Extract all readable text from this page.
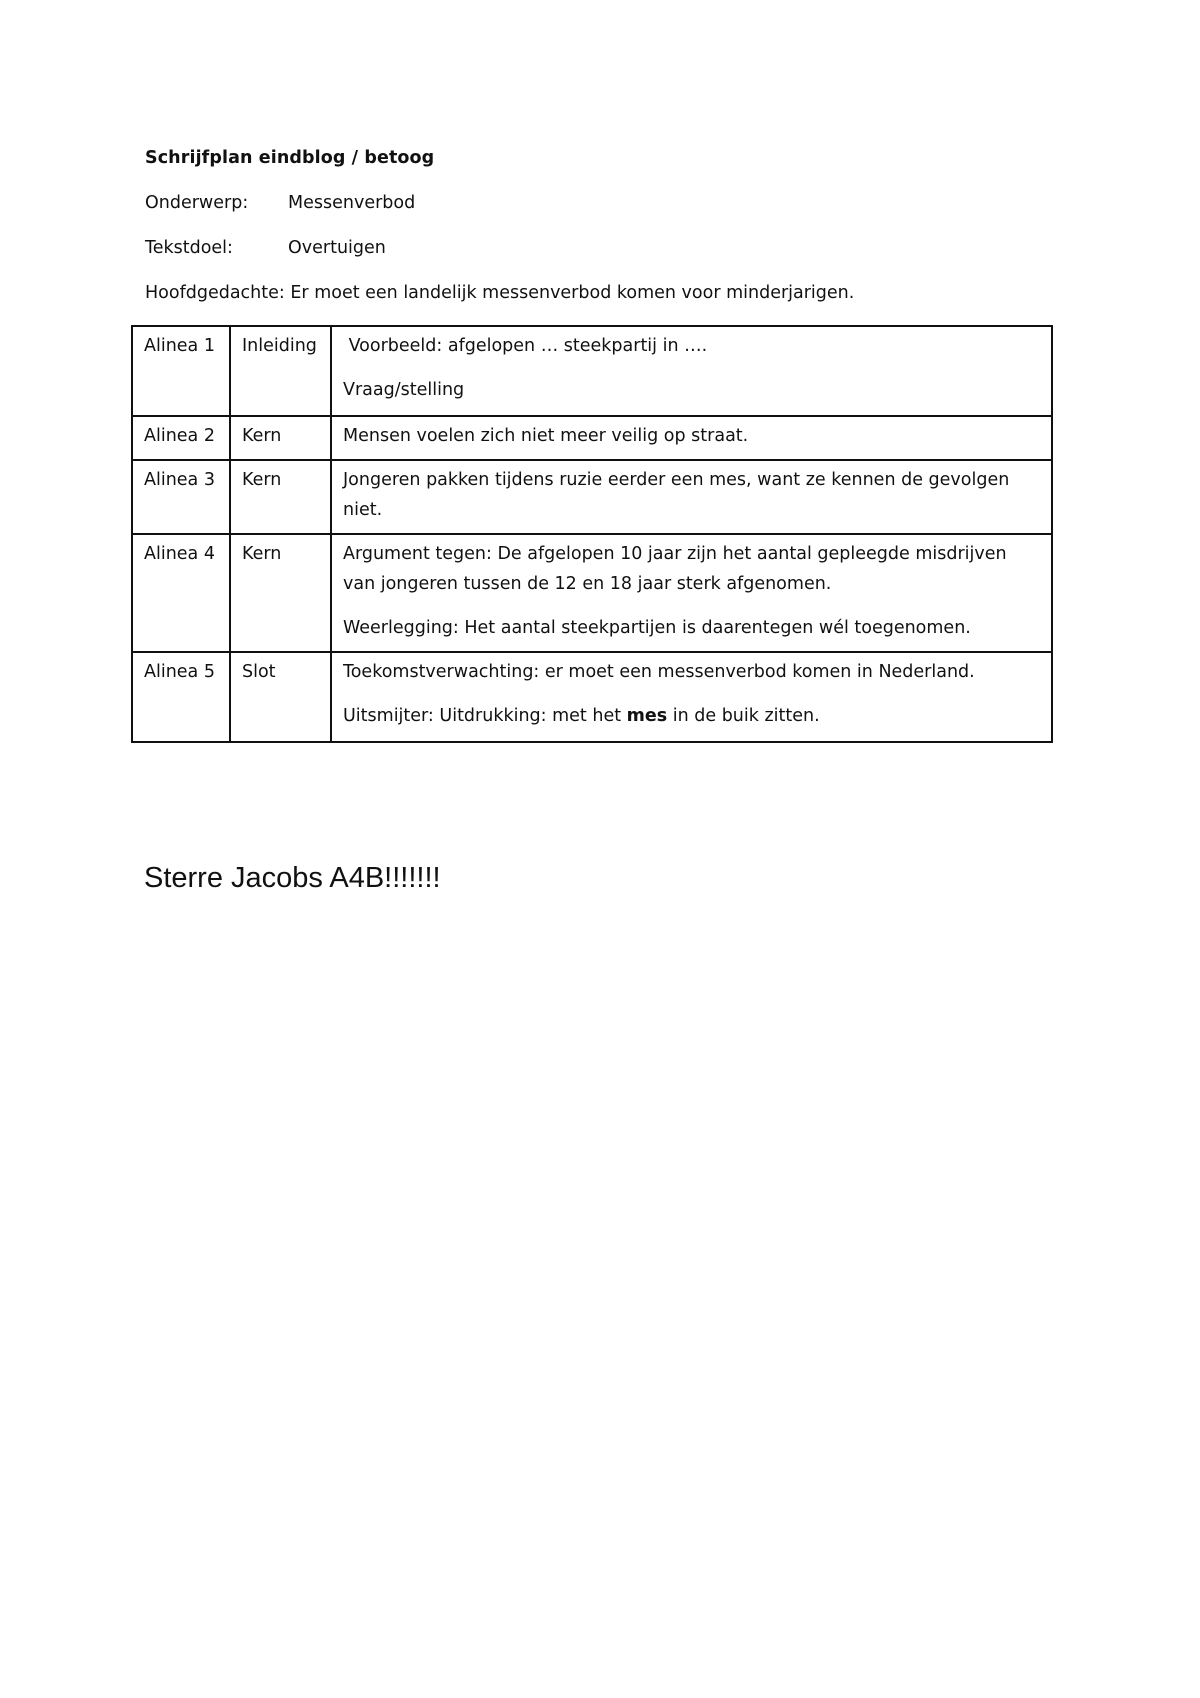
Schrijfplan eindblog / betoog
Onderwerp: Messenverbod
Tekstdoel:	Overtuigen
Hoofdgedachte: Er moet een landelijk messenverbod komen voor minderjarigen.
Alinea 1	Inleiding	Voorbeeld: afgelopen … steekpartij in ….

Vraag/stelling

Alinea 2	Kern	Mensen voelen zich niet meer veilig op straat.

Alinea 3	Kern	Jongeren pakken tijdens ruzie eerder een mes, want ze kennen de gevolgen niet.

Alinea 4	Kern	Argument tegen: De afgelopen 10 jaar zijn het aantal gepleegde misdrijven van jongeren tussen de 12 en 18 jaar sterk afgenomen.

Weerlegging: Het aantal steekpartijen is daarentegen wél toegenomen.

Alinea 5	Slot	Toekomstverwachting: er moet een messenverbod komen in Nederland.

Uitsmijter: Uitdrukking: met het mes in de buik zitten.

Sterre Jacobs A4B!!!!!!!
